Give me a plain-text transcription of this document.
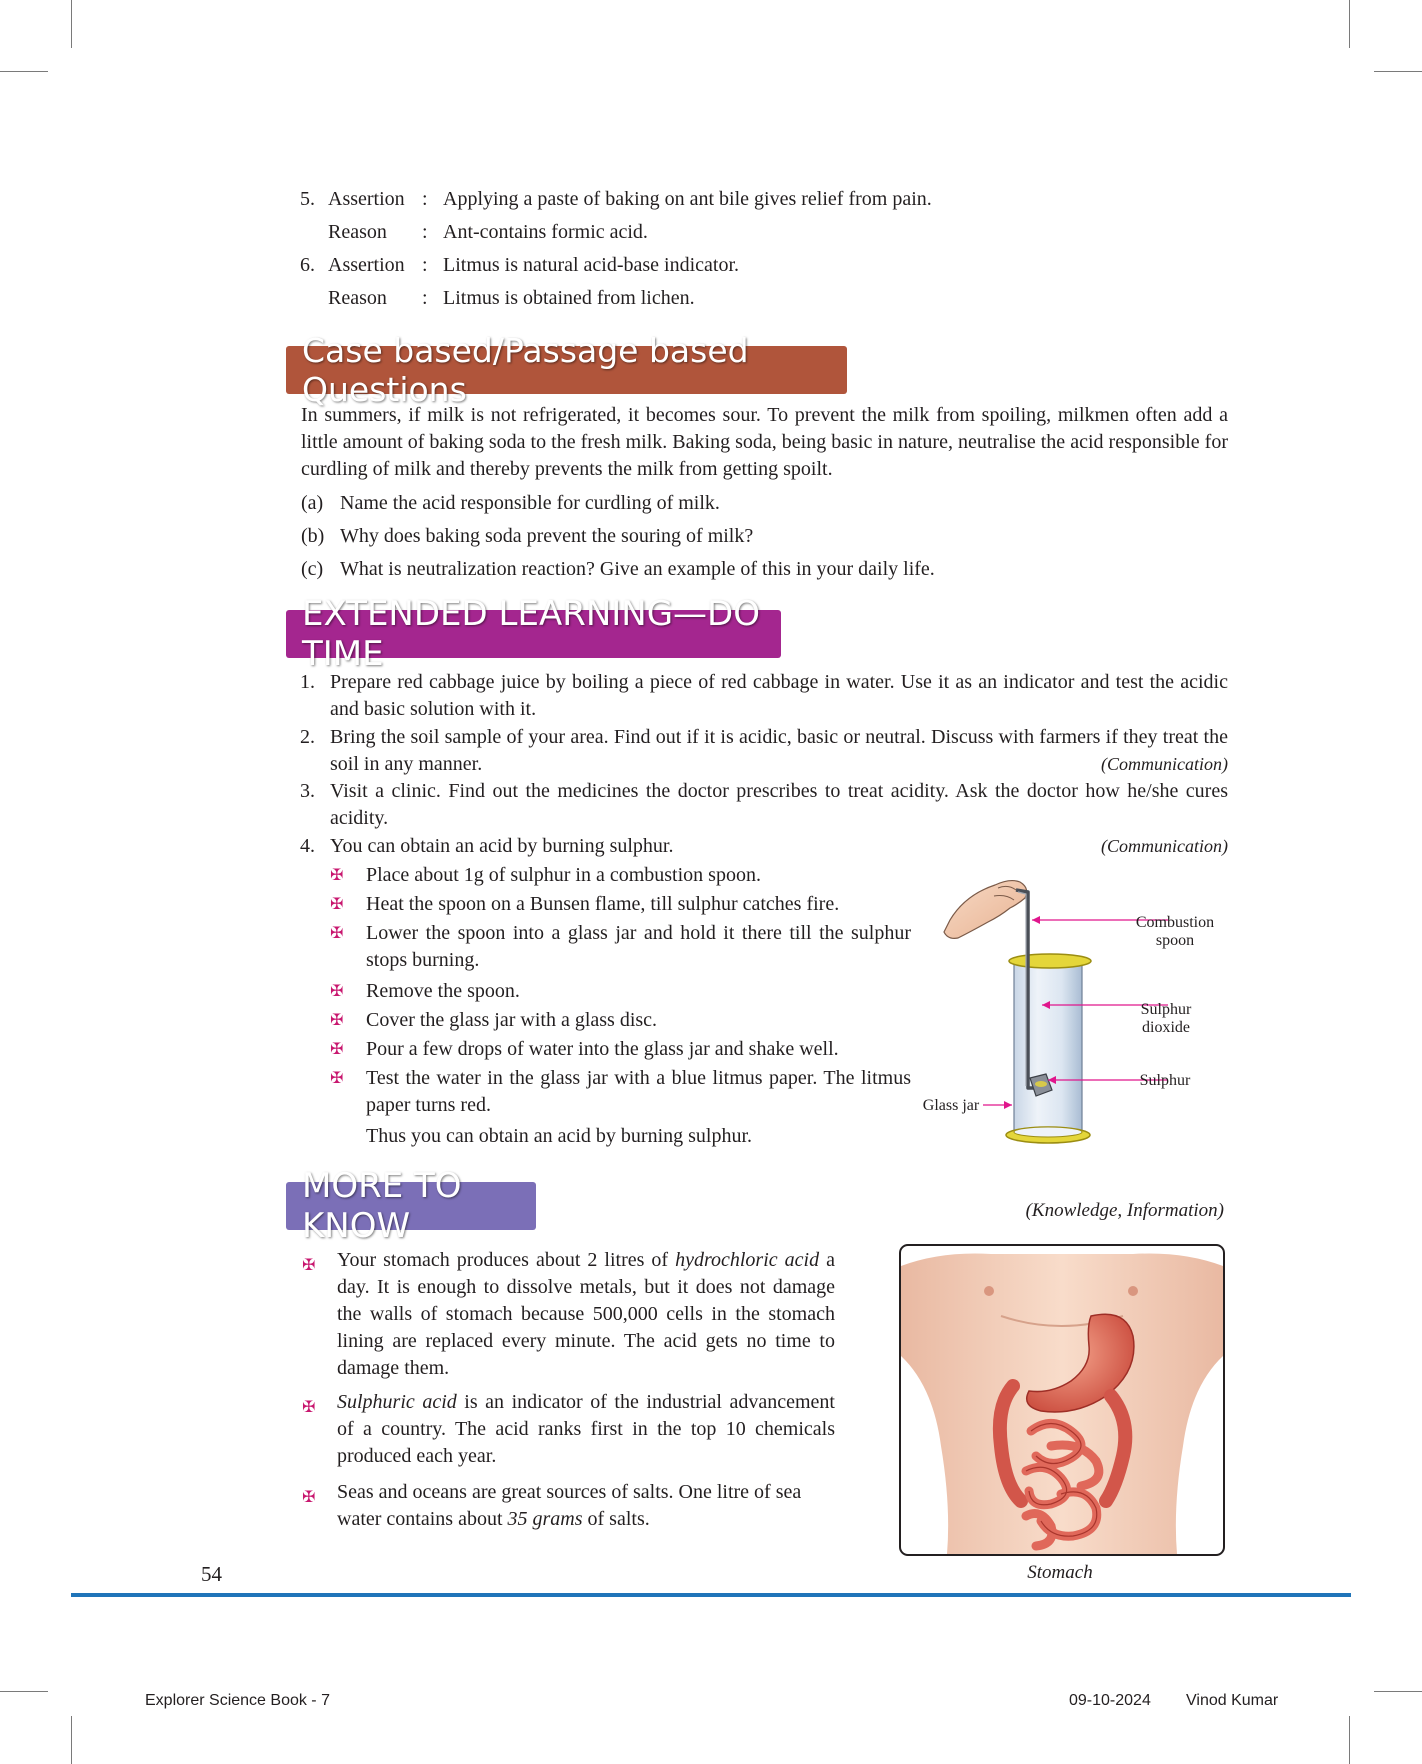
5. Assertion : Applying a paste of baking on ant bile gives relief from pain.
Reason : Ant-contains formic acid.
6. Assertion : Litmus is natural acid-base indicator.
Reason : Litmus is obtained from lichen.
Case based/Passage based Questions
In summers, if milk is not refrigerated, it becomes sour. To prevent the milk from spoiling, milkmen often add a little amount of baking soda to the fresh milk. Baking soda, being basic in nature, neutralise the acid responsible for curdling of milk and thereby prevents the milk from getting spoilt.
(a) Name the acid responsible for curdling of milk.
(b) Why does baking soda prevent the souring of milk?
(c) What is neutralization reaction? Give an example of this in your daily life.
EXTENDED LEARNING—DO TIME
1. Prepare red cabbage juice by boiling a piece of red cabbage in water. Use it as an indicator and test the acidic and basic solution with it.
2. Bring the soil sample of your area. Find out if it is acidic, basic or neutral. Discuss with farmers if they treat the soil in any manner.	(Communication)
3. Visit a clinic. Find out the medicines the doctor prescribes to treat acidity. Ask the doctor how he/she cures acidity.
4. You can obtain an acid by burning sulphur.	(Communication)
✠ Place about 1g of sulphur in a combustion spoon.
✠ Heat the spoon on a Bunsen flame, till sulphur catches fire.
✠ Lower the spoon into a glass jar and hold it there till the sulphur stops burning.
✠ Remove the spoon.
✠ Cover the glass jar with a glass disc.
✠ Pour a few drops of water into the glass jar and shake well.
✠ Test the water in the glass jar with a blue litmus paper. The litmus paper turns red.
Thus you can obtain an acid by burning sulphur.
Combustion spoon
Sulphur dioxide
Sulphur
Glass jar
MORE TO KNOW	(Knowledge, Information)
✠ Your stomach produces about 2 litres of hydrochloric acid a day. It is enough to dissolve metals, but it does not damage the walls of stomach because 500,000 cells in the stomach lining are replaced every minute. The acid gets no time to damage them.
✠ Sulphuric acid is an indicator of the industrial advancement of a country. The acid ranks first in the top 10 chemicals produced each year.
✠ Seas and oceans are great sources of salts. One litre of sea water contains about 35 grams of salts.
Stomach
54
Explorer Science Book - 7	09-10-2024 Vinod Kumar
